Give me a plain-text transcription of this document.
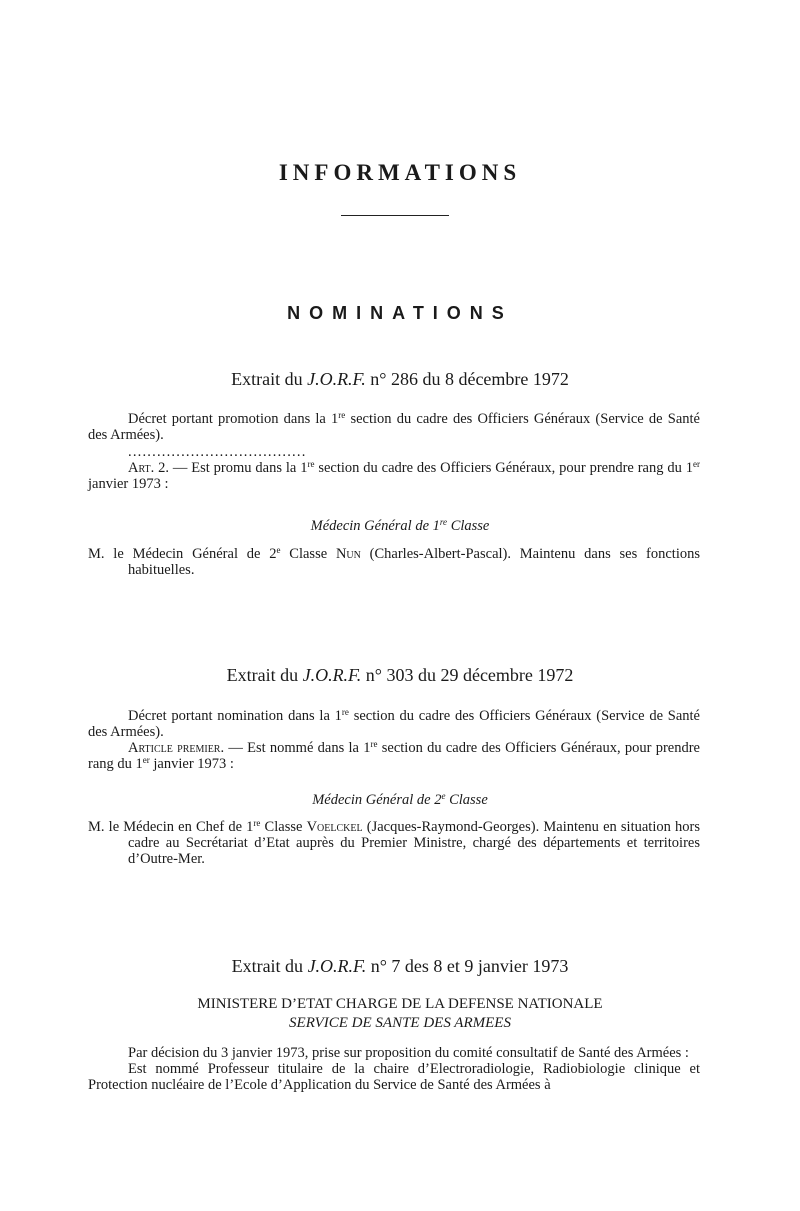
INFORMATIONS
NOMINATIONS
Extrait du J.O.R.F. n° 286 du 8 décembre 1972

Décret portant promotion dans la 1re section du cadre des Officiers Généraux (Service de Santé des Armées).

.....................................

Art. 2. — Est promu dans la 1re section du cadre des Officiers Généraux, pour prendre rang du 1er janvier 1973 :

Médecin Général de 1re Classe

M. le Médecin Général de 2e Classe Nun (Charles-Albert-Pascal). Maintenu dans ses fonctions habituelles.

Extrait du J.O.R.F. n° 303 du 29 décembre 1972

Décret portant nomination dans la 1re section du cadre des Officiers Généraux (Service de Santé des Armées).

Article premier. — Est nommé dans la 1re section du cadre des Officiers Généraux, pour prendre rang du 1er janvier 1973 :

Médecin Général de 2e Classe

M. le Médecin en Chef de 1re Classe Voelckel (Jacques-Raymond-Georges). Maintenu en situation hors cadre au Secrétariat d’Etat auprès du Premier Ministre, chargé des départements et territoires d’Outre-Mer.

Extrait du J.O.R.F. n° 7 des 8 et 9 janvier 1973
MINISTERE D’ETAT CHARGE DE LA DEFENSE NATIONALE
SERVICE DE SANTE DES ARMEES

Par décision du 3 janvier 1973, prise sur proposition du comité consultatif de Santé des Armées :

Est nommé Professeur titulaire de la chaire d’Electroradiologie, Radiobiologie clinique et Protection nucléaire de l’Ecole d’Application du Service de Santé des Armées à
